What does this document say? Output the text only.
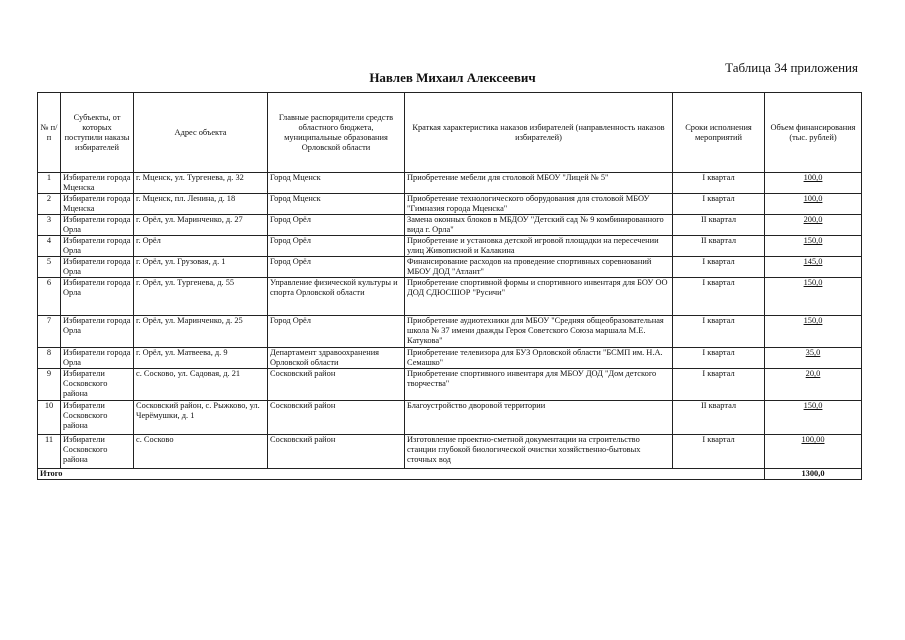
Таблица 34 приложения
Навлев Михаил Алексеевич
№ п/п	Субъекты, от которых поступили наказы избирателей	Адрес объекта	Главные распорядители средств областного бюджета, муниципальные образования Орловской области	Краткая характеристика наказов избирателей (направленность наказов избирателей)	Сроки исполнения мероприятий	Объем финансирования (тыс. рублей)
1	Избиратели города Мценска	г. Мценск, ул. Тургенева, д. 32	Город Мценск	Приобретение мебели для столовой МБОУ "Лицей № 5"	I квартал	100,0
2	Избиратели города Мценска	г. Мценск, пл. Ленина, д. 18	Город Мценск	Приобретение технологического оборудования для столовой МБОУ "Гимназия города Мценска"	I квартал	100,0
3	Избиратели города Орла	г. Орёл, ул. Маринченко, д. 27	Город Орёл	Замена оконных блоков в МБДОУ "Детский сад № 9 комбинированного вида г. Орла"	II квартал	200,0
4	Избиратели города Орла	г. Орёл	Город Орёл	Приобретение и установка детской игровой площадки на пересечении улиц Живописной и Калакина	II квартал	150,0
5	Избиратели города Орла	г. Орёл, ул. Грузовая, д. 1	Город Орёл	Финансирование расходов на проведение спортивных соревнований МБОУ ДОД "Атлант"	I квартал	145,0
6	Избиратели города Орла	г. Орёл, ул. Тургенева, д. 55	Управление физической культуры и спорта Орловской области	Приобретение спортивной формы и спортивного инвентаря для БОУ ОО ДОД СДЮСШОР "Русичи"	I квартал	150,0
7	Избиратели города Орла	г. Орёл, ул. Маринченко, д. 25	Город Орёл	Приобретение аудиотехники для МБОУ "Средняя общеобразовательная школа № 37 имени дважды Героя Советского Союза маршала М.Е. Катукова"	I квартал	150,0
8	Избиратели города Орла	г. Орёл, ул. Матвеева, д. 9	Департамент здравоохранения Орловской области	Приобретение телевизора для БУЗ Орловской области "БСМП им. Н.А. Семашко"	I квартал	35,0
9	Избиратели Сосковского района	с. Сосково, ул. Садовая, д. 21	Сосковский район	Приобретение спортивного инвентаря для МБОУ ДОД "Дом детского творчества"	I квартал	20,0
10	Избиратели Сосковского района	Сосковский район, с. Рыжково, ул. Черёмушки, д. 1	Сосковский район	Благоустройство дворовой территории	II квартал	150,0
11	Избиратели Сосковского района	с. Сосково	Сосковский район	Изготовление проектно-сметной документации на строительство станции глубокой биологической очистки хозяйственно-бытовых сточных вод	I квартал	100,00
Итого						1300,0
